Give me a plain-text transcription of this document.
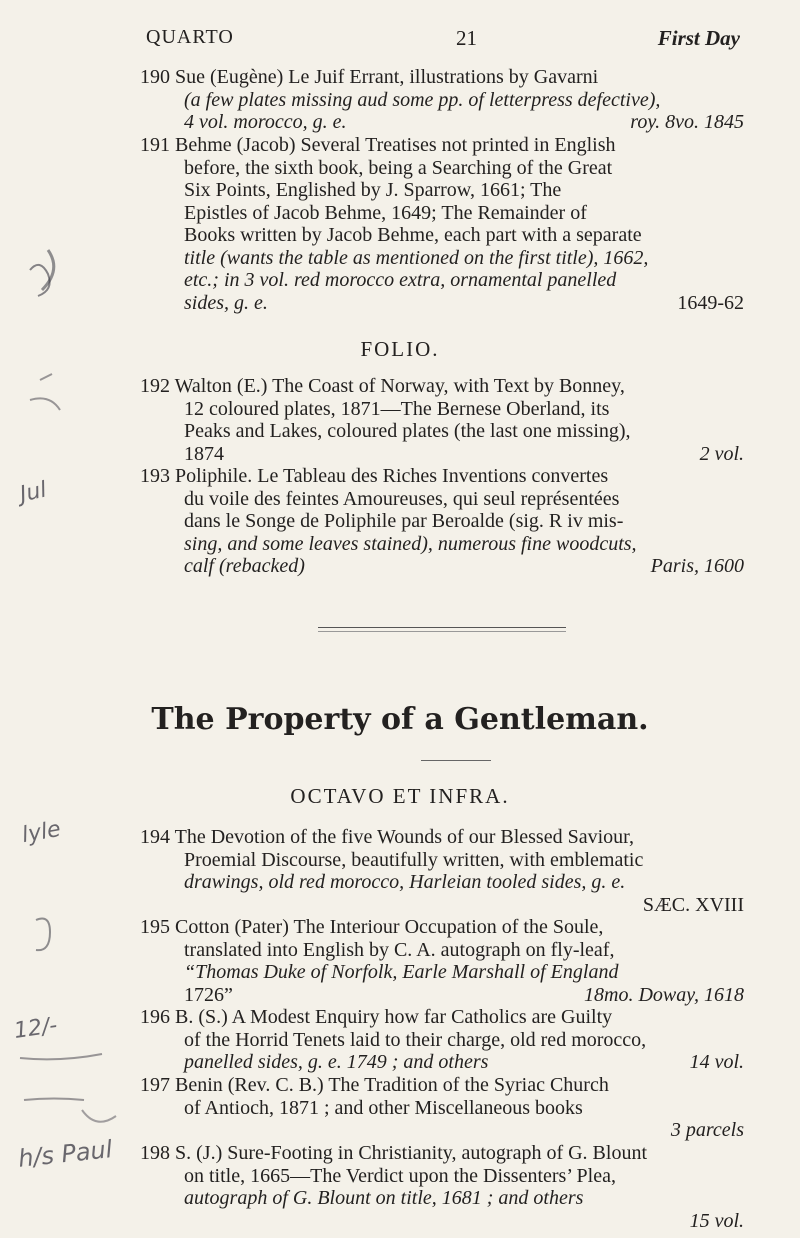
QUARTO	21	First Day
190 Sue (Eugène) Le Juif Errant, illustrations by Gavarni
(a few plates missing aud some pp. of letterpress defective),
4 vol. morocco, g. e.	roy. 8vo. 1845
191 Behme (Jacob) Several Treatises not printed in English
before, the sixth book, being a Searching of the Great
Six Points, Englished by J. Sparrow, 1661; The
Epistles of Jacob Behme, 1649; The Remainder of
Books written by Jacob Behme, each part with a separate
title (wants the table as mentioned on the first title), 1662,
etc.; in 3 vol. red morocco extra, ornamental panelled
sides, g. e.	1649-62
FOLIO.
192 Walton (E.) The Coast of Norway, with Text by Bonney,
12 coloured plates, 1871—The Bernese Oberland, its
Peaks and Lakes, coloured plates (the last one missing),
1874	2 vol.
193 Poliphile. Le Tableau des Riches Inventions convertes
du voile des feintes Amoureuses, qui seul représentées
dans le Songe de Poliphile par Beroalde (sig. R iv mis-
sing, and some leaves stained), numerous fine woodcuts,
calf (rebacked)	Paris, 1600
The Property of a Gentleman.
OCTAVO ET INFRA.
194 The Devotion of the five Wounds of our Blessed Saviour,
Proemial Discourse, beautifully written, with emblematic
drawings, old red morocco, Harleian tooled sides, g. e.
SÆC. XVIII
195 Cotton (Pater) The Interiour Occupation of the Soule,
translated into English by C. A. autograph on fly-leaf,
“Thomas Duke of Norfolk, Earle Marshall of England
1726”	18mo. Doway, 1618
196 B. (S.) A Modest Enquiry how far Catholics are Guilty
of the Horrid Tenets laid to their charge, old red morocco,
panelled sides, g. e. 1749 ; and others	14 vol.
197 Benin (Rev. C. B.) The Tradition of the Syriac Church
of Antioch, 1871 ; and other Miscellaneous books
3 parcels
198 S. (J.) Sure-Footing in Christianity, autograph of G. Blount
on title, 1665—The Verdict upon the Dissenters’ Plea,
autograph of G. Blount on title, 1681 ; and others
15 vol.
Jul
lyle
12/-
h/s Paul
